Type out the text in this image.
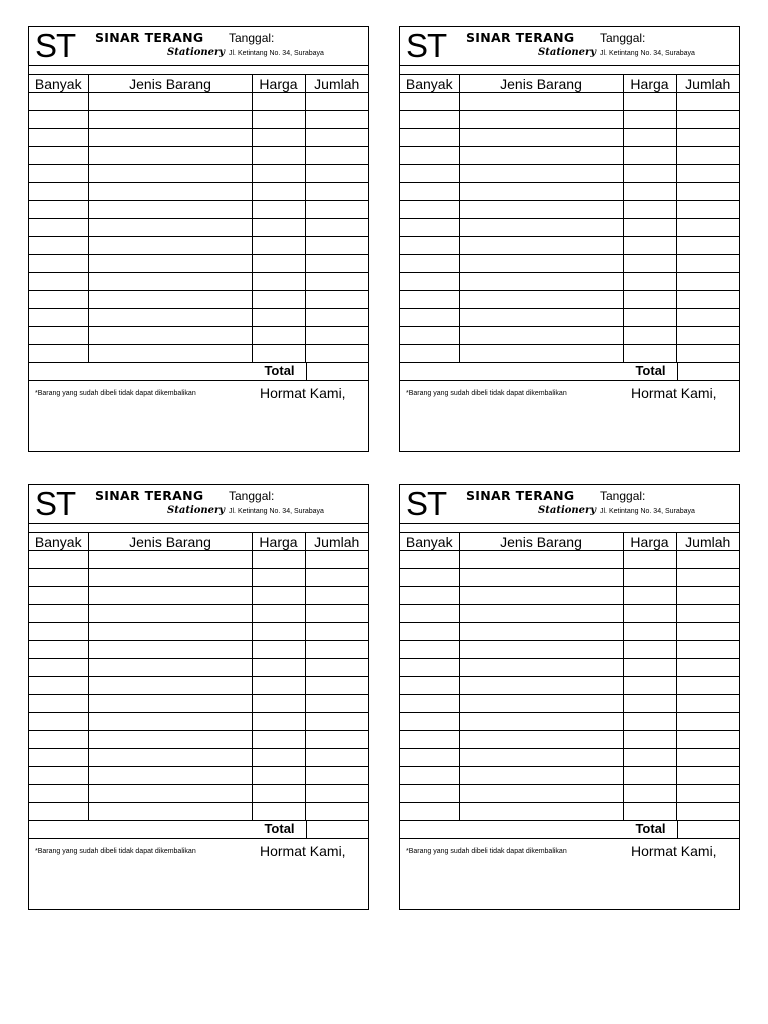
ST SINAR TERANG
Stationery
Tanggal:
Jl. Ketintang No. 34, Surabaya
Banyak	Jenis Barang	Harga	Jumlah

Total
*Barang yang sudah dibeli tidak dapat dikembalikan	Hormat Kami,
ST SINAR TERANG
Stationery
Tanggal:
Jl. Ketintang No. 34, Surabaya
Banyak	Jenis Barang	Harga	Jumlah

Total
*Barang yang sudah dibeli tidak dapat dikembalikan	Hormat Kami,
ST SINAR TERANG
Stationery
Tanggal:
Jl. Ketintang No. 34, Surabaya
Banyak	Jenis Barang	Harga	Jumlah

Total
*Barang yang sudah dibeli tidak dapat dikembalikan	Hormat Kami,
ST SINAR TERANG
Stationery
Tanggal:
Jl. Ketintang No. 34, Surabaya
Banyak	Jenis Barang	Harga	Jumlah

Total
*Barang yang sudah dibeli tidak dapat dikembalikan	Hormat Kami,
